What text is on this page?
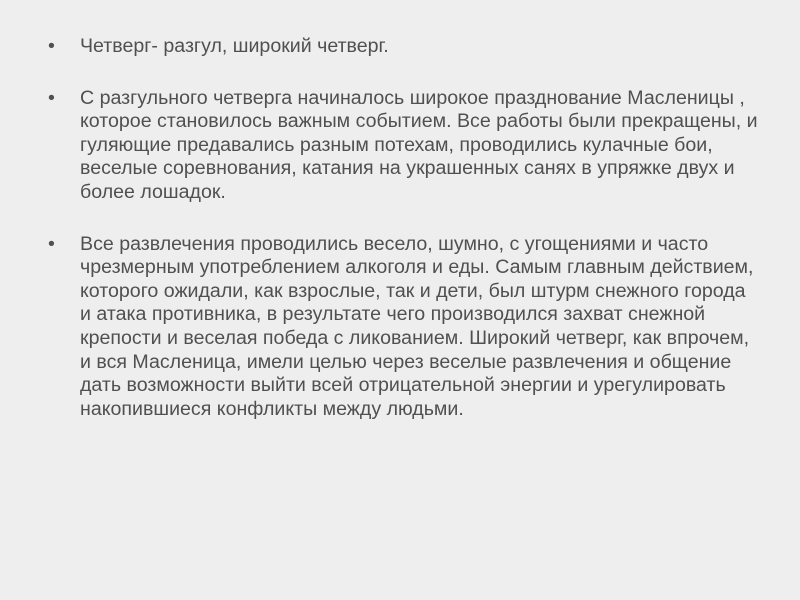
•	Четверг- разгул, широкий четверг.
•	С разгульного четверга начиналось широкое празднование Масленицы , которое становилось важным событием. Все работы были прекращены, и гуляющие предавались разным потехам, проводились кулачные бои, веселые соревнования, катания на украшенных санях в упряжке двух и более лошадок.
•	Все развлечения проводились весело, шумно, с угощениями и часто чрезмерным употреблением алкоголя и еды. Самым главным действием, которого ожидали, как взрослые, так и дети, был штурм снежного города и атака противника, в результате чего производился захват снежной крепости и веселая победа с ликованием. Широкий четверг, как впрочем, и вся Масленица, имели целью через веселые развлечения и общение дать возможности выйти всей отрицательной энергии и урегулировать накопившиеся конфликты между людьми.
